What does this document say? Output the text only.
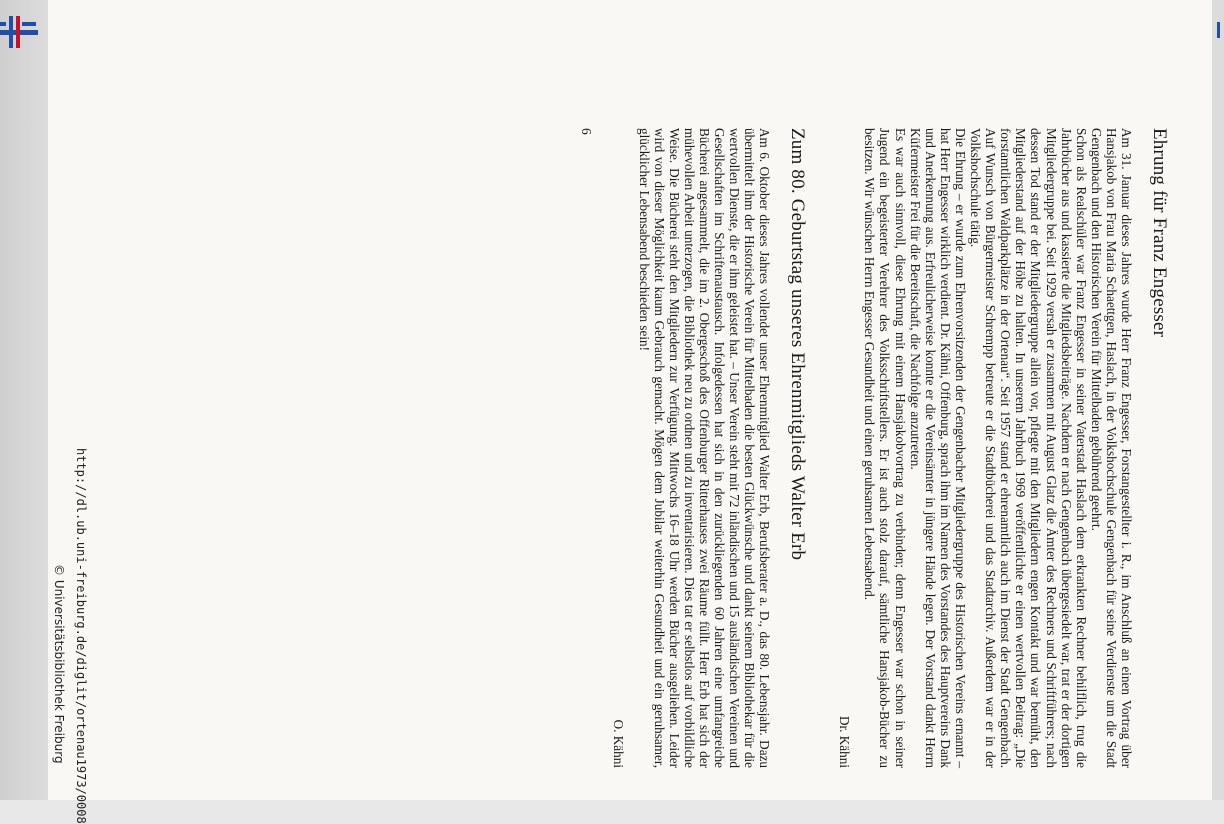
Ehrung für Franz Engesser

Am 31. Januar dieses Jahres wurde Herr Franz Engesser, Forstangestellter i. R., im Anschluß an einen Vortrag über Hansjakob von Frau Maria Schaettgen, Haslach, in der Volkshochschule Gengenbach für seine Verdienste um die Stadt Gengenbach und den Historischen Verein für Mittelbaden gebührend geehrt.

Schon als Realschüler war Franz Engesser in seiner Vaterstadt Haslach dem erkrankten Rechner behilflich, trug die Jahrbücher aus und kassierte die Mitgliedsbeiträge. Nachdem er nach Gengenbach übergesiedelt war, trat er der dortigen Mitgliedergruppe bei. Seit 1929 versah er zusammen mit August Glatz die Ämter des Rechners und Schriftführers; nach dessen Tod stand er der Mitgliedergruppe allein vor, pflegte mit den Mitgliedern engen Kontakt und war bemüht, den Mitgliederstand auf der Höhe zu halten. In unserem Jahrbuch 1969 veröffentlichte er einen wertvollen Beitrag: „Die forstamtlichen Waldparkplätze in der Ortenau“. Seit 1957 stand er ehrenamtlich auch im Dienst der Stadt Gengenbach. Auf Wunsch von Bürgermeister Schrempp betreute er die Stadtbücherei und das Stadtarchiv. Außerdem war er in der Volkshochschule tätig.

Die Ehrung – er wurde zum Ehrenvorsitzenden der Gengenbacher Mitgliedergruppe des Historischen Vereins ernannt – hat Herr Engesser wirklich verdient. Dr. Kähni, Offenburg, sprach ihm im Namen des Vorstandes des Hauptvereins Dank und Anerkennung aus. Erfreulicherweise konnte er die Vereinsämter in jüngere Hände legen. Der Vorstand dankt Herrn Küfermeister Frei für die Bereitschaft, die Nachfolge anzutreten.

Es war auch sinnvoll, diese Ehrung mit einem Hansjakobvortrag zu verbinden; denn Engesser war schon in seiner Jugend ein begeisterter Verehrer des Volksschriftstellers. Er ist auch stolz darauf, sämtliche Hansjakob-Bücher zu besitzen. Wir wünschen Herrn Engesser Gesundheit und einen geruhsamen Lebensabend.

Dr. Kähni
Zum 80. Geburtstag unseres Ehrenmitglieds Walter Erb

Am 6. Oktober dieses Jahres vollendet unser Ehrenmitglied Walter Erb, Berufsberater a. D., das 80. Lebensjahr. Dazu übermittelt ihm der Historische Verein für Mittelbaden die besten Glückwünsche und dankt seinem Bibliothekar für die wertvollen Dienste, die er ihm geleistet hat. – Unser Verein steht mit 72 inländischen und 15 ausländischen Vereinen und Gesellschaften im Schriftenaustausch. Infolgedessen hat sich in den zurückliegenden 60 Jahren eine umfangreiche Bücherei angesammelt, die im 2. Obergeschoß des Offenburger Ritterhauses zwei Räume füllt. Herr Erb hat sich der mühevollen Arbeit unterzogen, die Bibliothek neu zu ordnen und zu inventarisieren. Dies tat er selbstlos auf vorbildliche Weise. Die Bücherei steht den Mitgliedern zur Verfügung. Mittwochs 16–18 Uhr werden Bücher ausgeliehen. Leider wird von dieser Möglichkeit kaum Gebrauch gemacht. Mögen dem Jubilar weiterhin Gesundheit und ein geruhsamer, glücklicher Lebensabend beschieden sein!

O. Kähni
6
http://dl.ub.uni-freiburg.de/diglit/ortenau1973/0008
© Universitätsbibliothek Freiburg
